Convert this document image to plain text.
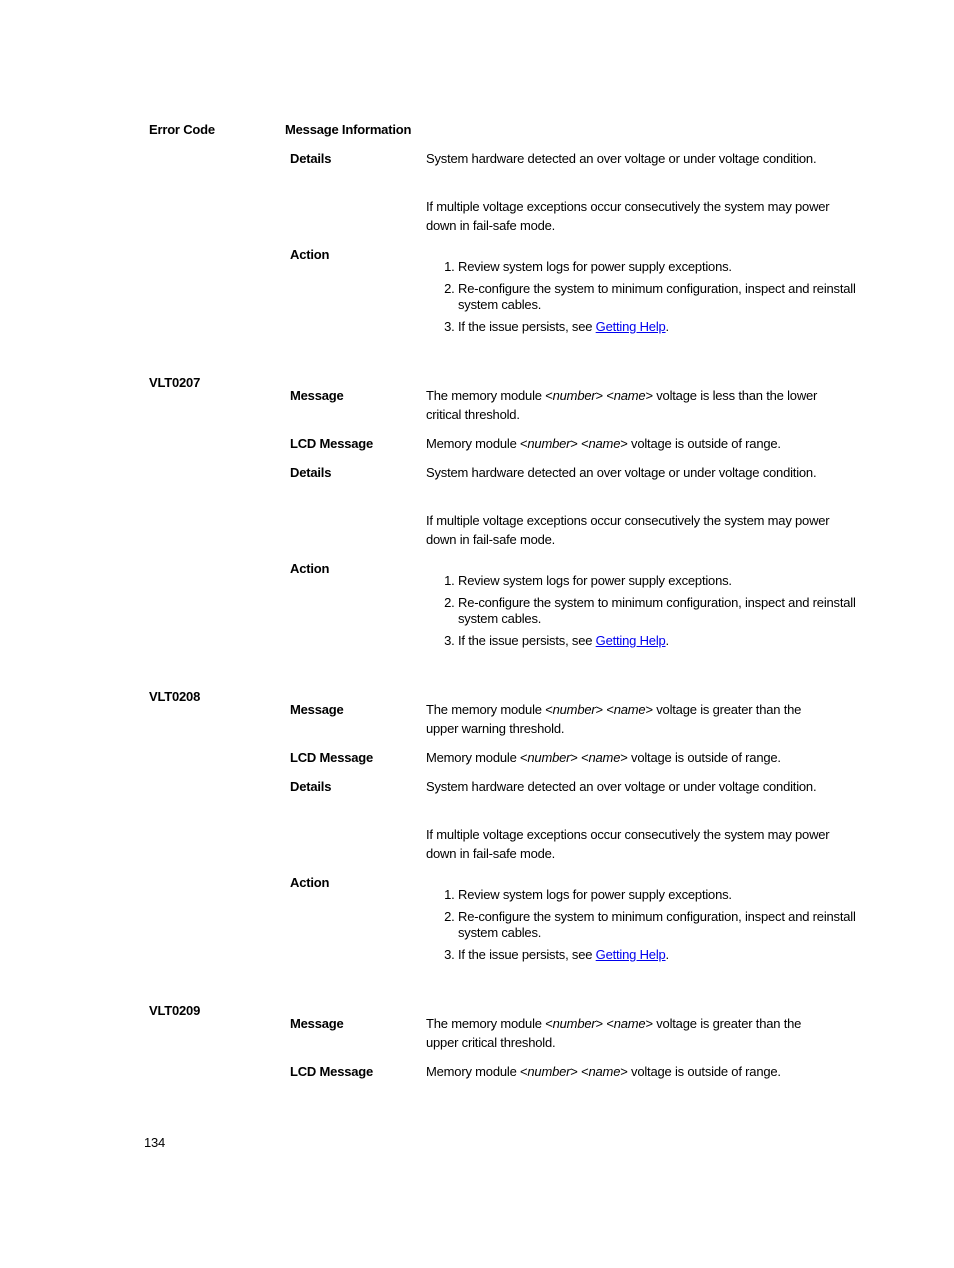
Error Code	Message Information
Details	System hardware detected an over voltage or under voltage condition.
If multiple voltage exceptions occur consecutively the system may power down in fail-safe mode.
Action
1. Review system logs for power supply exceptions.
2. Re-configure the system to minimum configuration, inspect and reinstall system cables.
3. If the issue persists, see Getting Help.
VLT0207
Message	The memory module <number> <name> voltage is less than the lower critical threshold.
LCD Message	Memory module <number> <name> voltage is outside of range.
Details	System hardware detected an over voltage or under voltage condition.
If multiple voltage exceptions occur consecutively the system may power down in fail-safe mode.
Action
1. Review system logs for power supply exceptions.
2. Re-configure the system to minimum configuration, inspect and reinstall system cables.
3. If the issue persists, see Getting Help.
VLT0208
Message	The memory module <number> <name> voltage is greater than the upper warning threshold.
LCD Message	Memory module <number> <name> voltage is outside of range.
Details	System hardware detected an over voltage or under voltage condition.
If multiple voltage exceptions occur consecutively the system may power down in fail-safe mode.
Action
1. Review system logs for power supply exceptions.
2. Re-configure the system to minimum configuration, inspect and reinstall system cables.
3. If the issue persists, see Getting Help.
VLT0209
Message	The memory module <number> <name> voltage is greater than the upper critical threshold.
LCD Message	Memory module <number> <name> voltage is outside of range.
134
